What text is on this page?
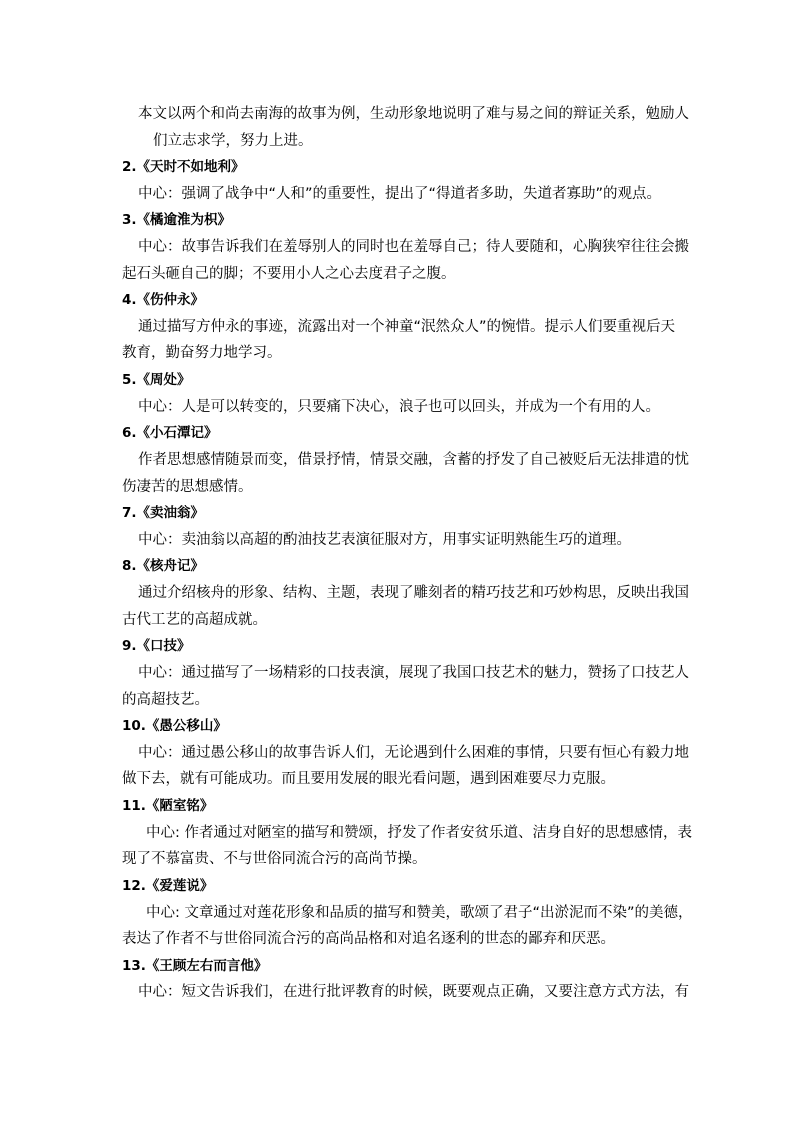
本文以两个和尚去南海的故事为例，生动形象地说明了难与易之间的辩证关系，勉励人
们立志求学，努力上进。
2.《天时不如地利》
中心：强调了战争中“人和”的重要性，提出了“得道者多助，失道者寡助”的观点。
3.《橘逾淮为枳》
中心：故事告诉我们在羞辱别人的同时也在羞辱自己；待人要随和，心胸狭窄往往会搬
起石头砸自己的脚；不要用小人之心去度君子之腹。
4.《伤仲永》
通过描写方仲永的事迹，流露出对一个神童“泯然众人”的惋惜。提示人们要重视后天
教育，勤奋努力地学习。
5.《周处》
中心：人是可以转变的，只要痛下决心，浪子也可以回头，并成为一个有用的人。
6.《小石潭记》
作者思想感情随景而变，借景抒情，情景交融，含蓄的抒发了自己被贬后无法排遣的忧
伤凄苦的思想感情。
7.《卖油翁》
中心：卖油翁以高超的酌油技艺表演征服对方，用事实证明熟能生巧的道理。
8.《核舟记》
通过介绍核舟的形象、结构、主题，表现了雕刻者的精巧技艺和巧妙构思，反映出我国
古代工艺的高超成就。
9.《口技》
中心：通过描写了一场精彩的口技表演，展现了我国口技艺术的魅力，赞扬了口技艺人
的高超技艺。
10.《愚公移山》
中心：通过愚公移山的故事告诉人们，无论遇到什么困难的事情，只要有恒心有毅力地
做下去，就有可能成功。而且要用发展的眼光看问题，遇到困难要尽力克服。
11.《陋室铭》
中心: 作者通过对陋室的描写和赞颂，抒发了作者安贫乐道、洁身自好的思想感情，表
现了不慕富贵、不与世俗同流合污的高尚节操。
12.《爱莲说》
中心: 文章通过对莲花形象和品质的描写和赞美，歌颂了君子“出淤泥而不染”的美德，
表达了作者不与世俗同流合污的高尚品格和对追名逐利的世态的鄙弃和厌恶。
13.《王顾左右而言他》
中心：短文告诉我们，在进行批评教育的时候，既要观点正确，又要注意方式方法，有
